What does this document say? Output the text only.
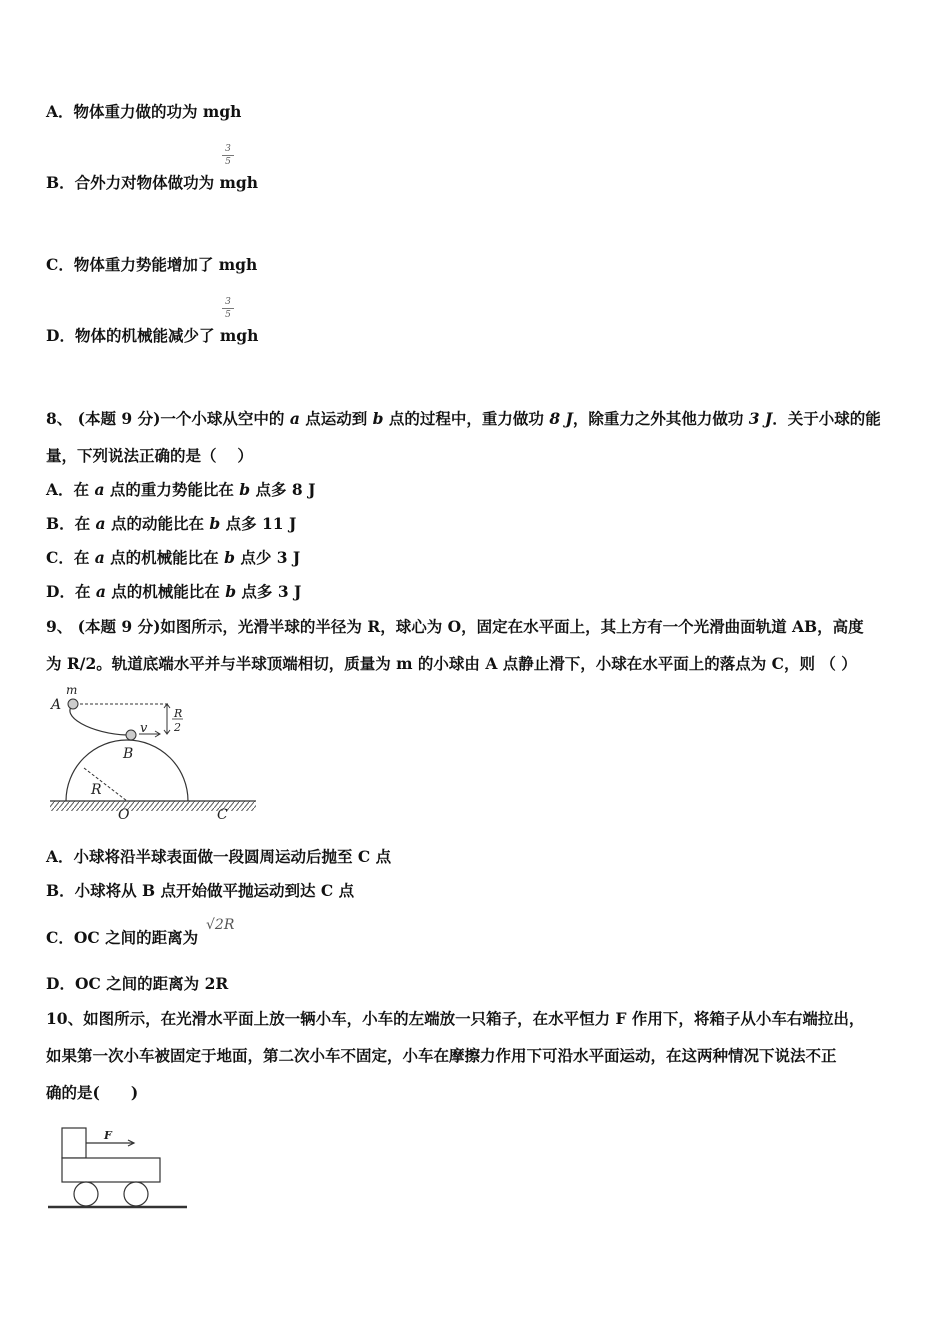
A．物体重力做的功为 mgh
3
5
B．合外力对物体做功为 mgh
C．物体重力势能增加了 mgh
3
5
D．物体的机械能减少了 mgh
8、 (本题 9 分)一个小球从空中的 a 点运动到 b 点的过程中，重力做功 8 J，除重力之外其他力做功 3 J．关于小球的能
量，下列说法正确的是（　 ）
A．在 a 点的重力势能比在 b 点多 8 J
B．在 a 点的动能比在 b 点多 11 J
C．在 a 点的机械能比在 b 点少 3 J
D．在 a 点的机械能比在 b 点多 3 J
9、 (本题 9 分)如图所示，光滑半球的半径为 R，球心为 O，固定在水平面上，其上方有一个光滑曲面轨道 AB，高度
为 R/2。轨道底端水平并与半球顶端相切，质量为 m 的小球由 A 点静止滑下，小球在水平面上的落点为 C，则 （ ）
m
A
v
B
R
2
R
O	C
A．小球将沿半球表面做一段圆周运动后抛至 C 点
B．小球将从 B 点开始做平抛运动到达 C 点
C．OC 之间的距离为
√2R
D．OC 之间的距离为 2R
10、如图所示，在光滑水平面上放一辆小车，小车的左端放一只箱子，在水平恒力 F 作用下，将箱子从小车右端拉出，
如果第一次小车被固定于地面，第二次小车不固定，小车在摩擦力作用下可沿水平面运动，在这两种情况下说法不正
确的是(　　)
F
